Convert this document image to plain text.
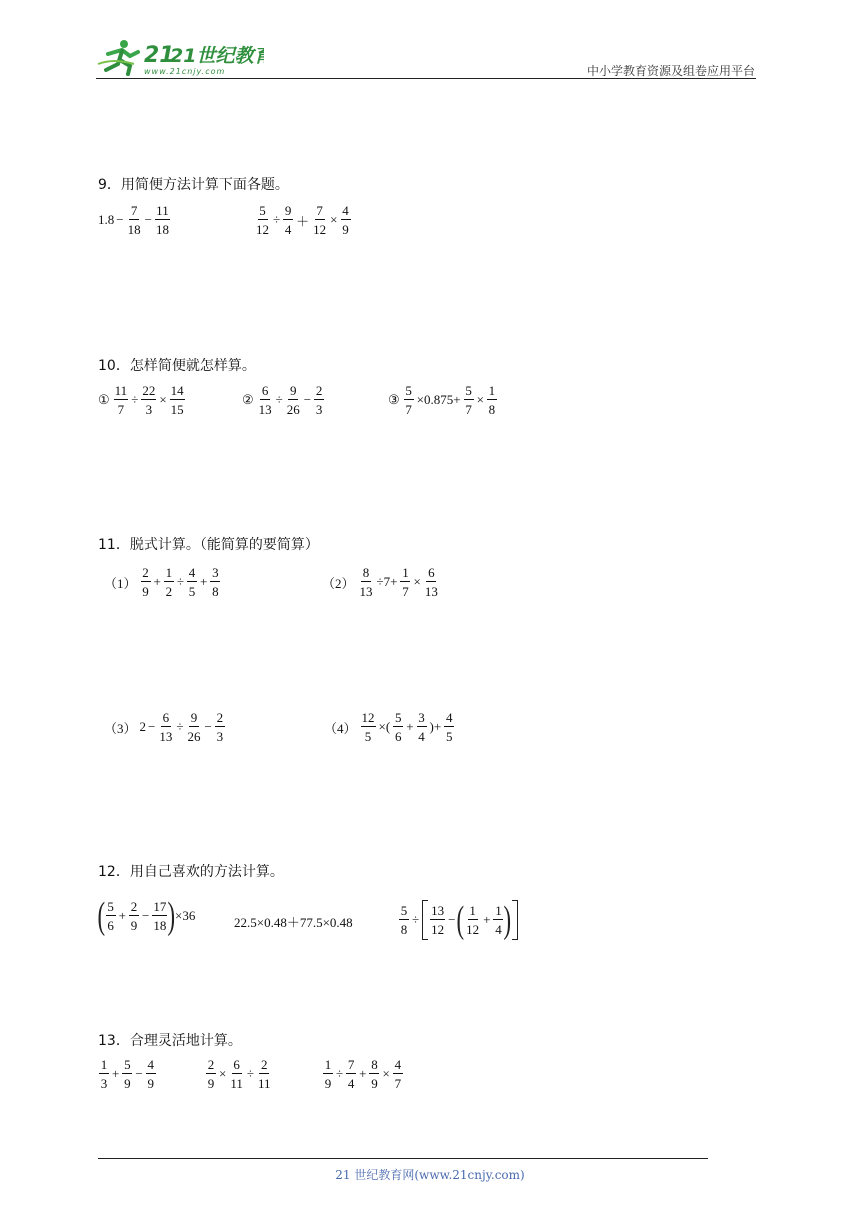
21
21世纪教育
www.21cnjy.com	中小学教育资源及组卷应用平台
9．用简便方法计算下面各题。
$1.8 - \frac{7}{18} - \frac{11}{18}$	$\frac{5}{12} \div \frac{9}{4} + \frac{7}{12} \times \frac{4}{9}$
10．怎样简便就怎样算。
① $\frac{11}{7} \div \frac{22}{3} \times \frac{14}{15}$	② $\frac{6}{13} \div \frac{9}{26} - \frac{2}{3}$	③ $\frac{5}{7} \times 0.875+ \frac{5}{7} \times \frac{1}{8}$
11．脱式计算。（能简算的要简算）
$(1) \frac{2}{9} + \frac{1}{2} \div \frac{4}{5} + \frac{3}{8}$	$(2) \frac{8}{13} \div 7+ \frac{1}{7} \times \frac{6}{13}$
（3） $2 - \frac{6}{13} \div \frac{9}{26} - \frac{2}{3}$	$(4) \frac{12}{5}$ ×( $\frac{5}{6} + \frac{3}{4}$ )+ $\frac{4}{5}$
12．用自己喜欢的方法计算。
( $\frac{5}{6} + \frac{2}{9} - \frac{17}{18}$ ) ×36	22.5×0.48＋77.5×0.48	$\frac{5}{8} \div \frac{13}{12}$ − ( $\frac{1}{12} + \frac{1}{4}$ )
13．合理灵活地计算。
$\frac{1}{3} + \frac{5}{9} - \frac{4}{9}$	$\frac{2}{9} \times \frac{6}{11} \div \frac{2}{11}$	$\frac{1}{9} \div \frac{7}{4} + \frac{8}{9} \times \frac{4}{7}$
21 世纪教育网(www.21cnjy.com)
